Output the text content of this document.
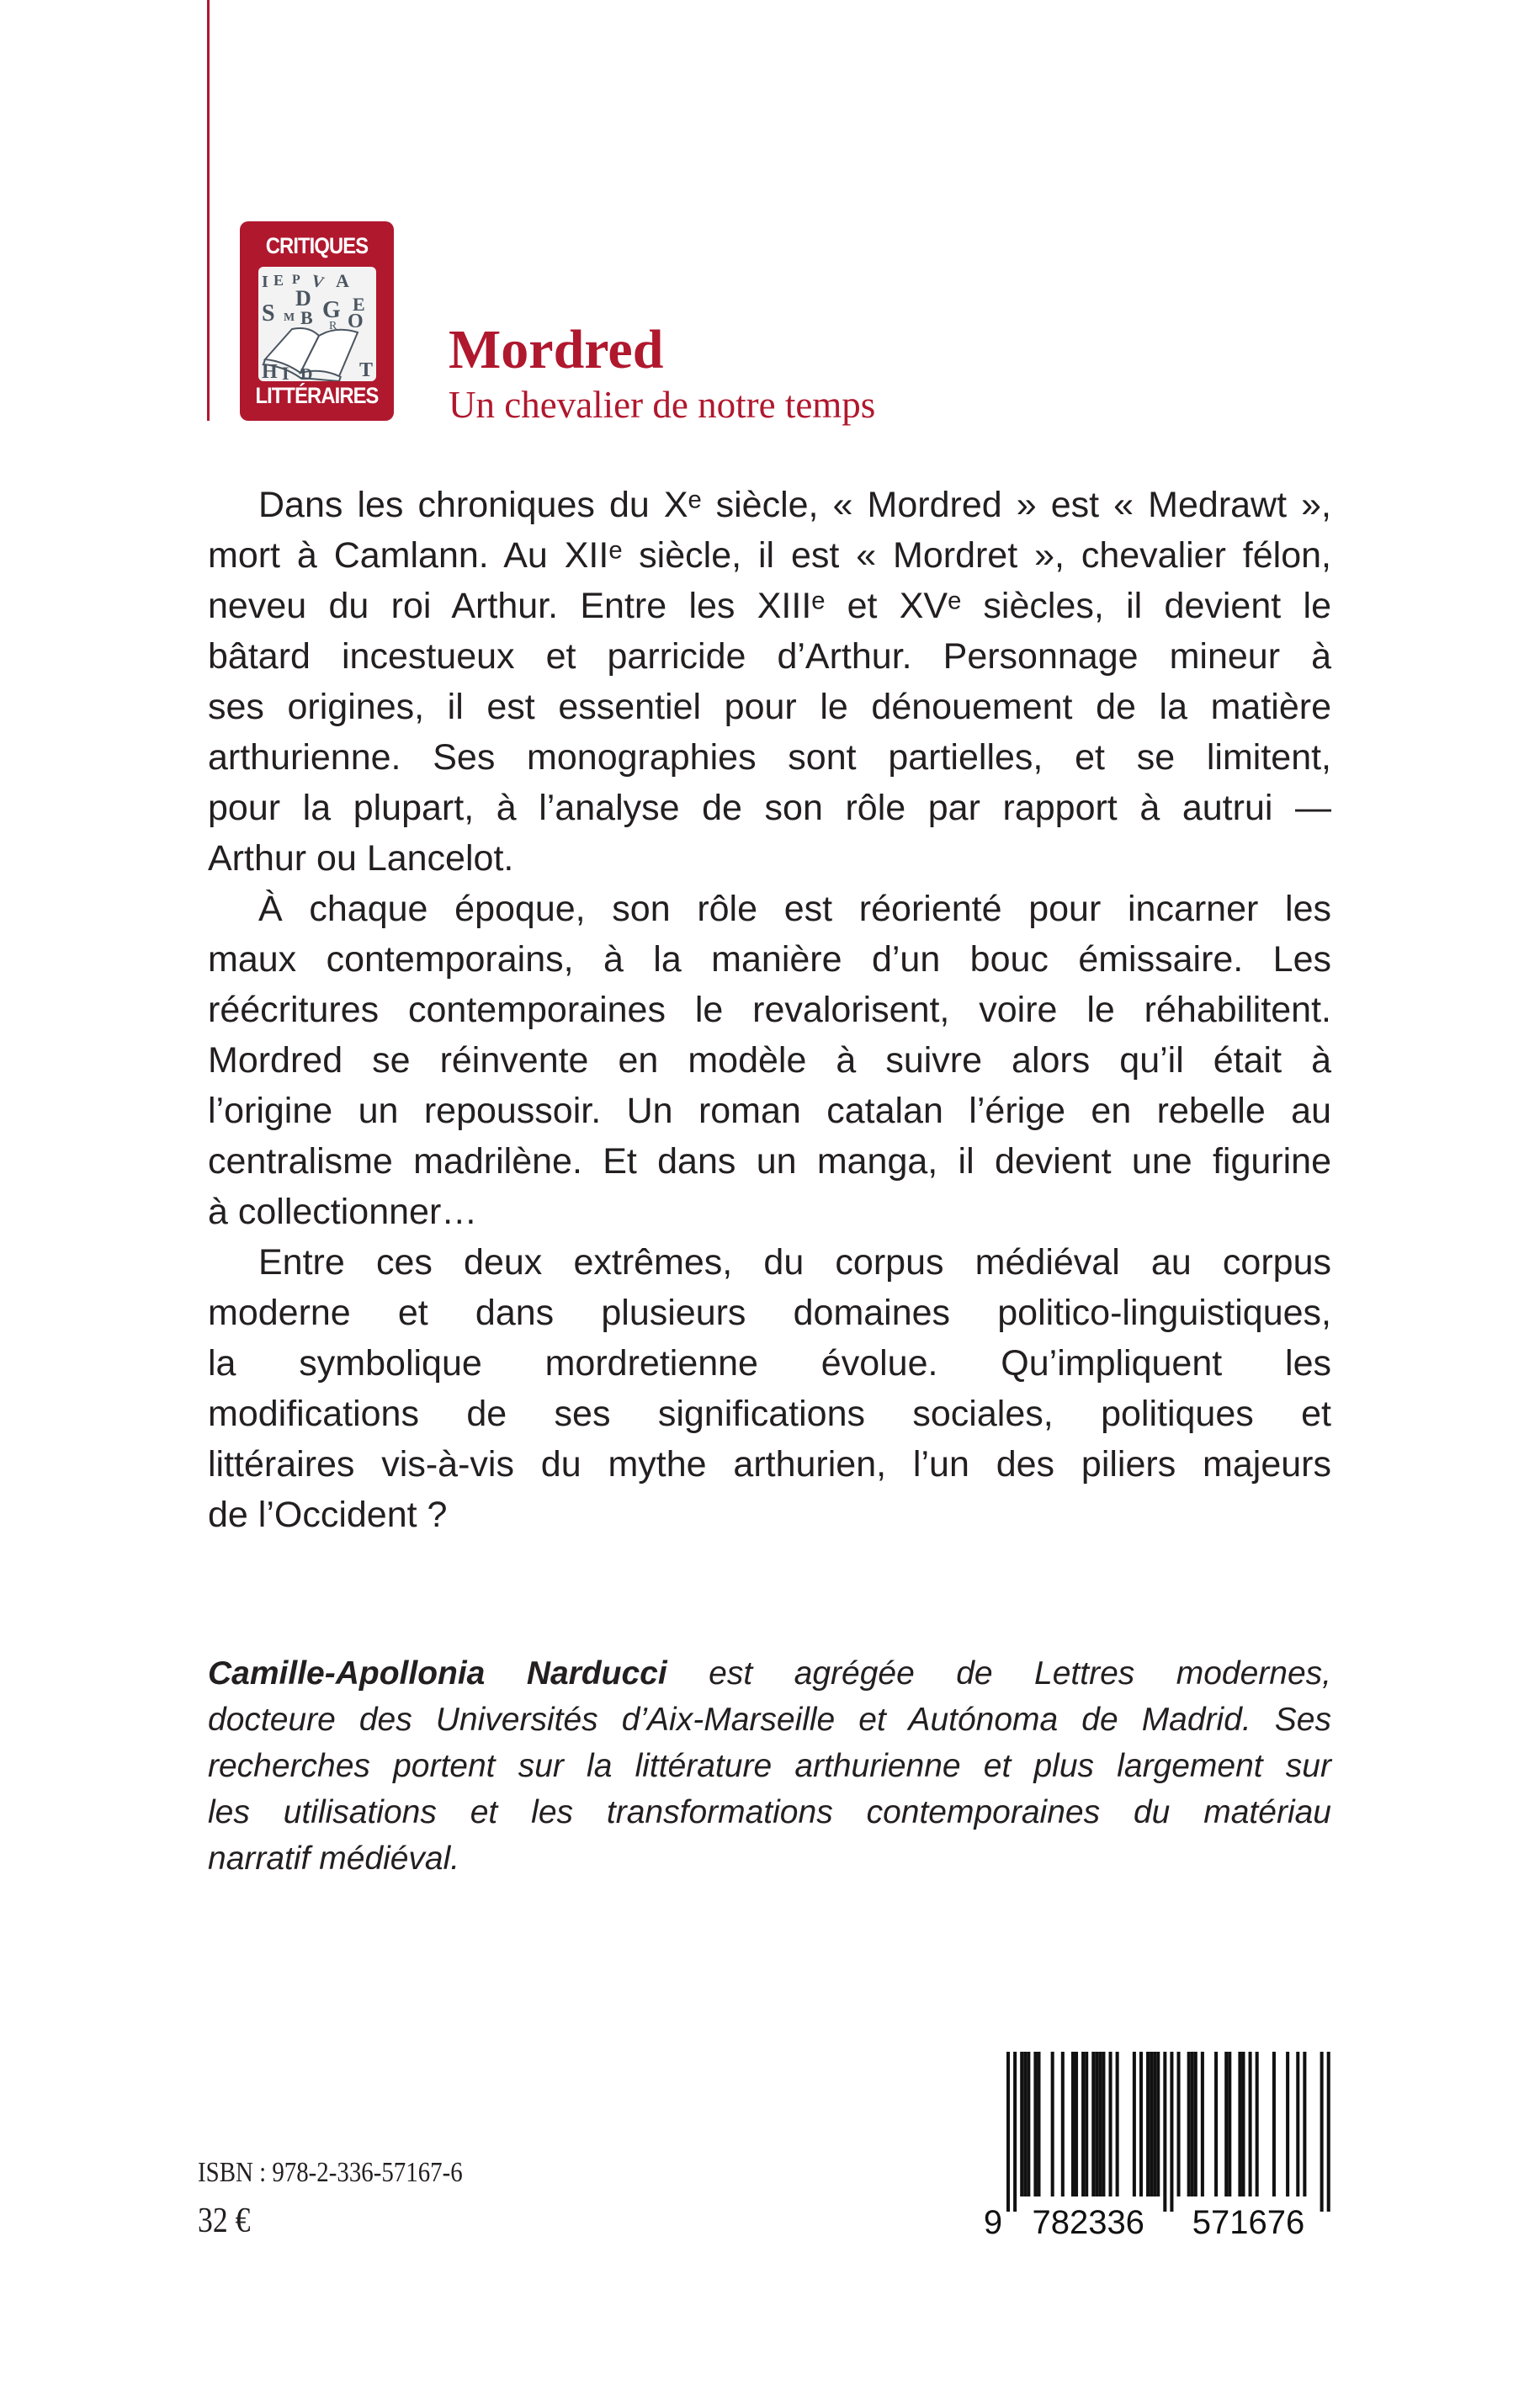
CRITIQUES
I E P V A
D
S M B G E
R O
H I D T
LITTÉRAIRES
Mordred
Un chevalier de notre temps
Dans les chroniques du Xᵉ siècle, « Mordred » est « Medrawt »,
mort à Camlann. Au XIIᵉ siècle, il est « Mordret », chevalier félon,
neveu du roi Arthur. Entre les XIIIᵉ et XVᵉ siècles, il devient le
bâtard incestueux et parricide d’Arthur. Personnage mineur à
ses origines, il est essentiel pour le dénouement de la matière
arthurienne. Ses monographies sont partielles, et se limitent,
pour la plupart, à l’analyse de son rôle par rapport à autrui —
Arthur ou Lancelot.
À chaque époque, son rôle est réorienté pour incarner les
maux contemporains, à la manière d’un bouc émissaire. Les
réécritures contemporaines le revalorisent, voire le réhabilitent.
Mordred se réinvente en modèle à suivre alors qu’il était à
l’origine un repoussoir. Un roman catalan l’érige en rebelle au
centralisme madrilène. Et dans un manga, il devient une figurine
à collectionner…
Entre ces deux extrêmes, du corpus médiéval au corpus
moderne et dans plusieurs domaines politico-linguistiques,
la symbolique mordretienne évolue. Qu’impliquent les
modifications de ses significations sociales, politiques et
littéraires vis-à-vis du mythe arthurien, l’un des piliers majeurs
de l’Occident ?
Camille-Apollonia Narducci est agrégée de Lettres modernes,
docteure des Universités d’Aix-Marseille et Autónoma de Madrid. Ses
recherches portent sur la littérature arthurienne et plus largement sur
les utilisations et les transformations contemporaines du matériau
narratif médiéval.
ISBN : 978-2-336-57167-6
32 €	9 782336 571676
